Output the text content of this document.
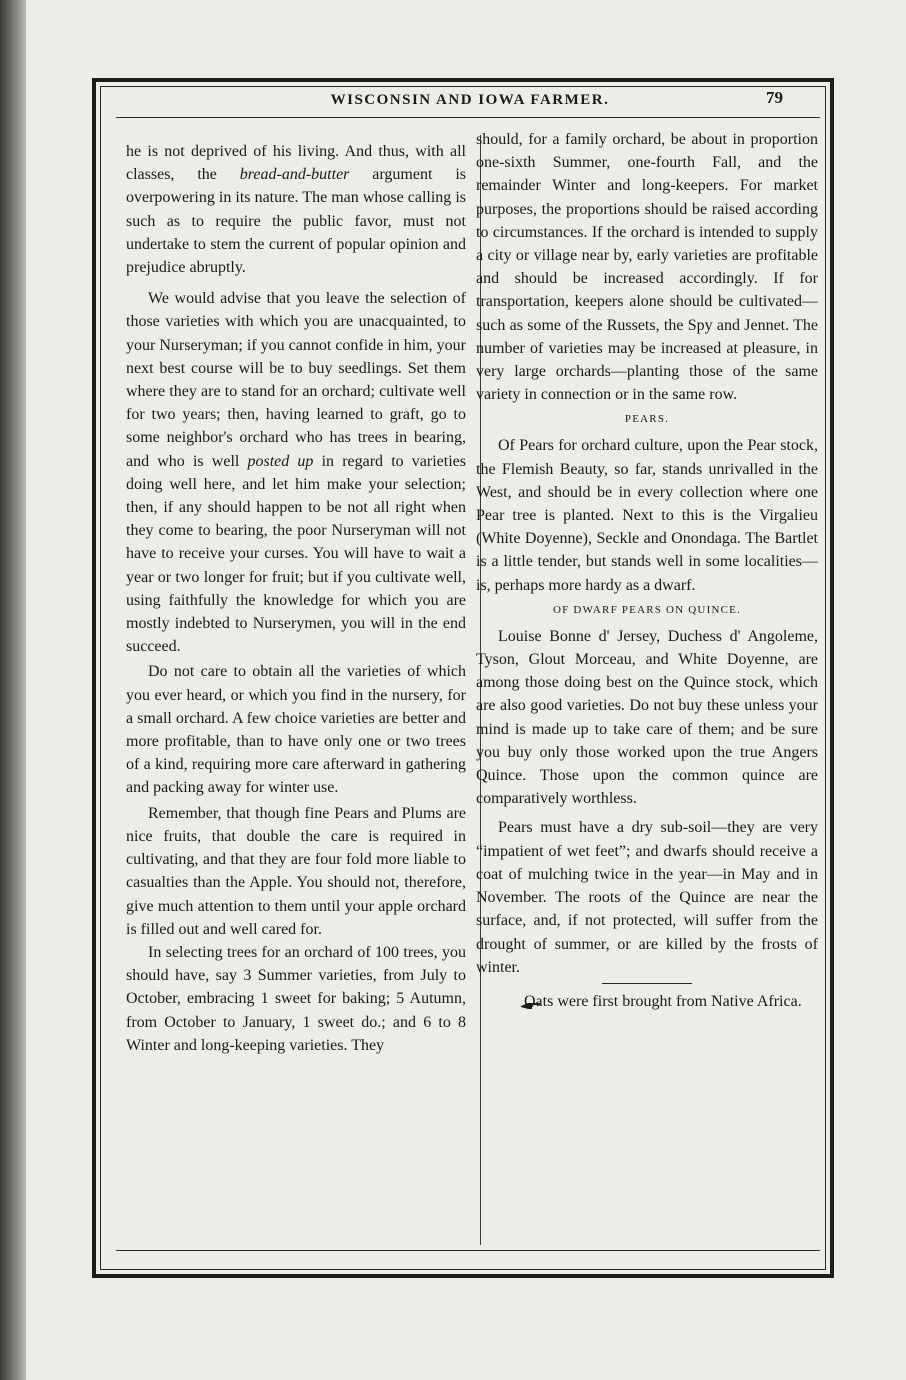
WISCONSIN AND IOWA FARMER.	79

he is not deprived of his living. And thus, with all classes, the bread-and-butter argument is overpowering in its nature. The man whose calling is such as to require the public favor, must not undertake to stem the current of popular opinion and prejudice abruptly.

We would advise that you leave the selection of those varieties with which you are unacquainted, to your Nurseryman; if you cannot confide in him, your next best course will be to buy seedlings. Set them where they are to stand for an orchard; cultivate well for two years; then, having learned to graft, go to some neighbor's orchard who has trees in bearing, and who is well posted up in regard to varieties doing well here, and let him make your selection; then, if any should happen to be not all right when they come to bearing, the poor Nurseryman will not have to receive your curses. You will have to wait a year or two longer for fruit; but if you cultivate well, using faithfully the knowledge for which you are mostly indebted to Nurserymen, you will in the end succeed.

Do not care to obtain all the varieties of which you ever heard, or which you find in the nursery, for a small orchard. A few choice varieties are better and more profitable, than to have only one or two trees of a kind, requiring more care afterward in gathering and packing away for winter use.

Remember, that though fine Pears and Plums are nice fruits, that double the care is required in cultivating, and that they are four fold more liable to casualties than the Apple. You should not, therefore, give much attention to them until your apple orchard is filled out and well cared for.

In selecting trees for an orchard of 100 trees, you should have, say 3 Summer varieties, from July to October, embracing 1 sweet for baking; 5 Autumn, from October to January, 1 sweet do.; and 6 to 8 Winter and long-keeping varieties. They

should, for a family orchard, be about in proportion one-sixth Summer, one-fourth Fall, and the remainder Winter and long-keepers. For market purposes, the proportions should be raised according to circumstances. If the orchard is intended to supply a city or village near by, early varieties are profitable and should be increased accordingly. If for transportation, keepers alone should be cultivated—such as some of the Russets, the Spy and Jennet. The number of varieties may be increased at pleasure, in very large orchards—planting those of the same variety in connection or in the same row.

PEARS.

Of Pears for orchard culture, upon the Pear stock, the Flemish Beauty, so far, stands unrivalled in the West, and should be in every collection where one Pear tree is planted. Next to this is the Virgalieu (White Doyenne), Seckle and Onondaga. The Bartlet is a little tender, but stands well in some localities—is, perhaps more hardy as a dwarf.

OF DWARF PEARS ON QUINCE.

Louise Bonne d' Jersey, Duchess d' Angoleme, Tyson, Glout Morceau, and White Doyenne, are among those doing best on the Quince stock, which are also good varieties. Do not buy these unless your mind is made up to take care of them; and be sure you buy only those worked upon the true Angers Quince. Those upon the common quince are comparatively worthless.

Pears must have a dry sub-soil—they are very “impatient of wet feet”; and dwarfs should receive a coat of mulching twice in the year—in May and in November. The roots of the Quince are near the surface, and, if not protected, will suffer from the drought of summer, or are killed by the frosts of winter.

Oats were first brought from Native Africa.
